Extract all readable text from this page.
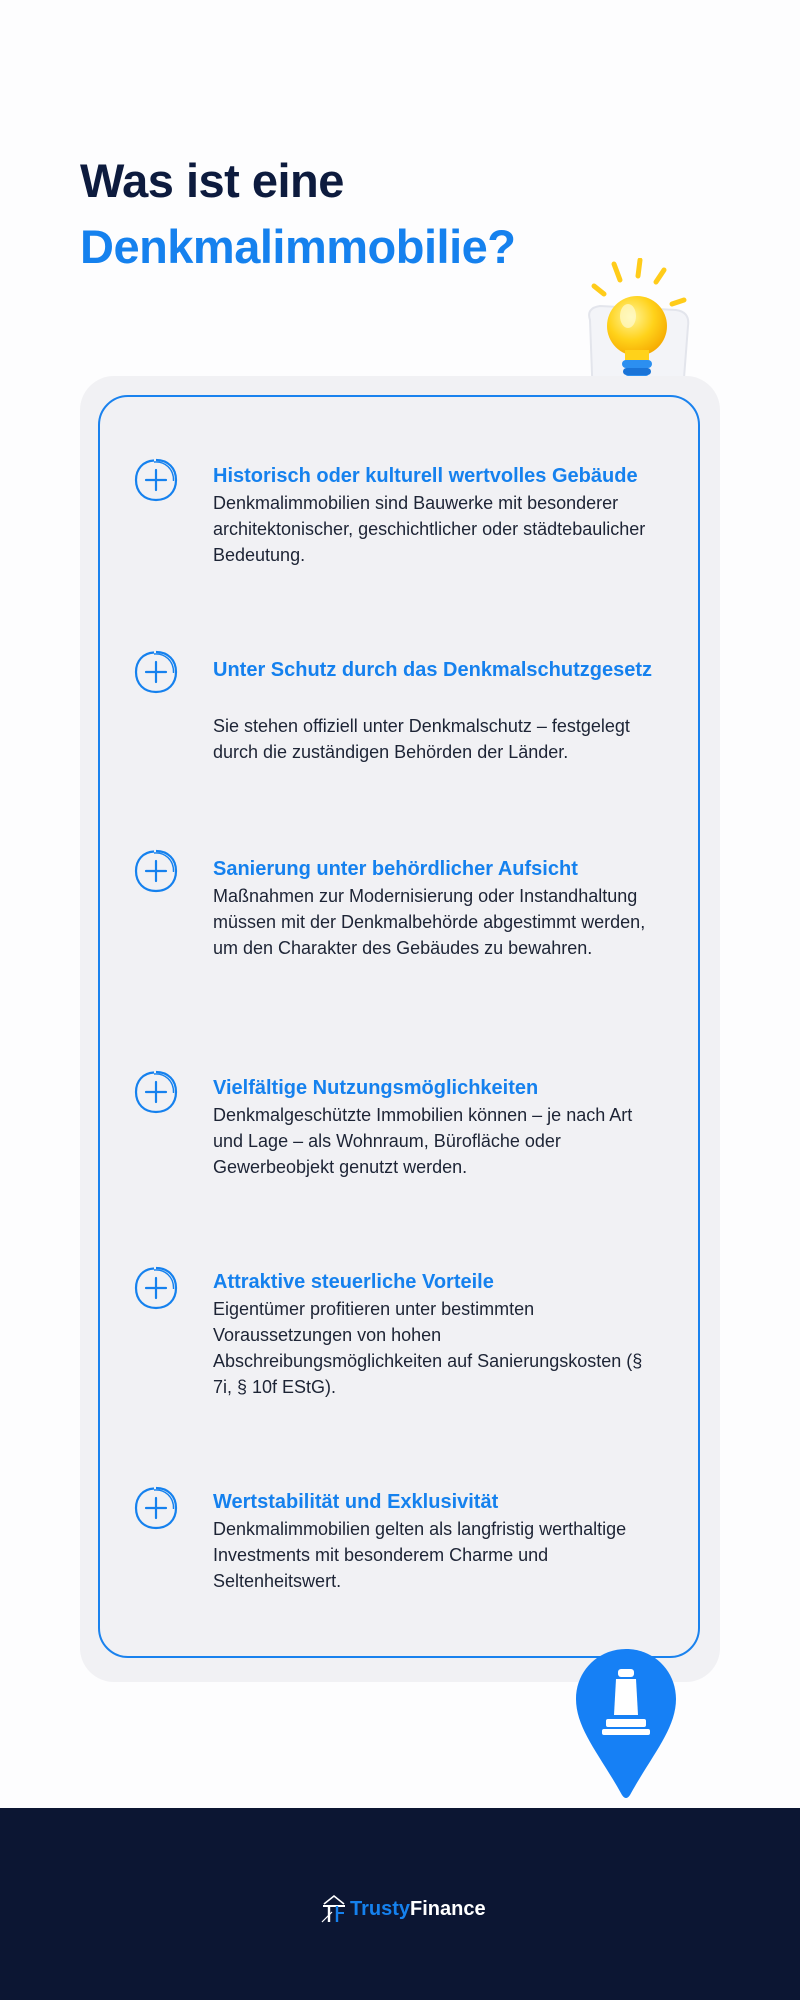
Was ist eine
Denkmalimmobilie?
Historisch oder kulturell wertvolles Gebäude

Denkmalimmobilien sind Bauwerke mit besonderer architektonischer, geschichtlicher oder städtebaulicher Bedeutung.

Unter Schutz durch das Denkmalschutzgesetz

Sie stehen offiziell unter Denkmalschutz – festgelegt durch die zuständigen Behörden der Länder.

Sanierung unter behördlicher Aufsicht

Maßnahmen zur Modernisierung oder Instandhaltung müssen mit der Denkmalbehörde abgestimmt werden, um den Charakter des Gebäudes zu bewahren.

Vielfältige Nutzungsmöglichkeiten

Denkmalgeschützte Immobilien können – je nach Art und Lage – als Wohnraum, Bürofläche oder Gewerbeobjekt genutzt werden.

Attraktive steuerliche Vorteile

Eigentümer profitieren unter bestimmten Voraussetzungen von hohen Abschreibungsmöglichkeiten auf Sanierungskosten (§ 7i, § 10f EStG).

Wertstabilität und Exklusivität

Denkmalimmobilien gelten als langfristig werthaltige Investments mit besonderem Charme und Seltenheitswert.

Trusty Finance
